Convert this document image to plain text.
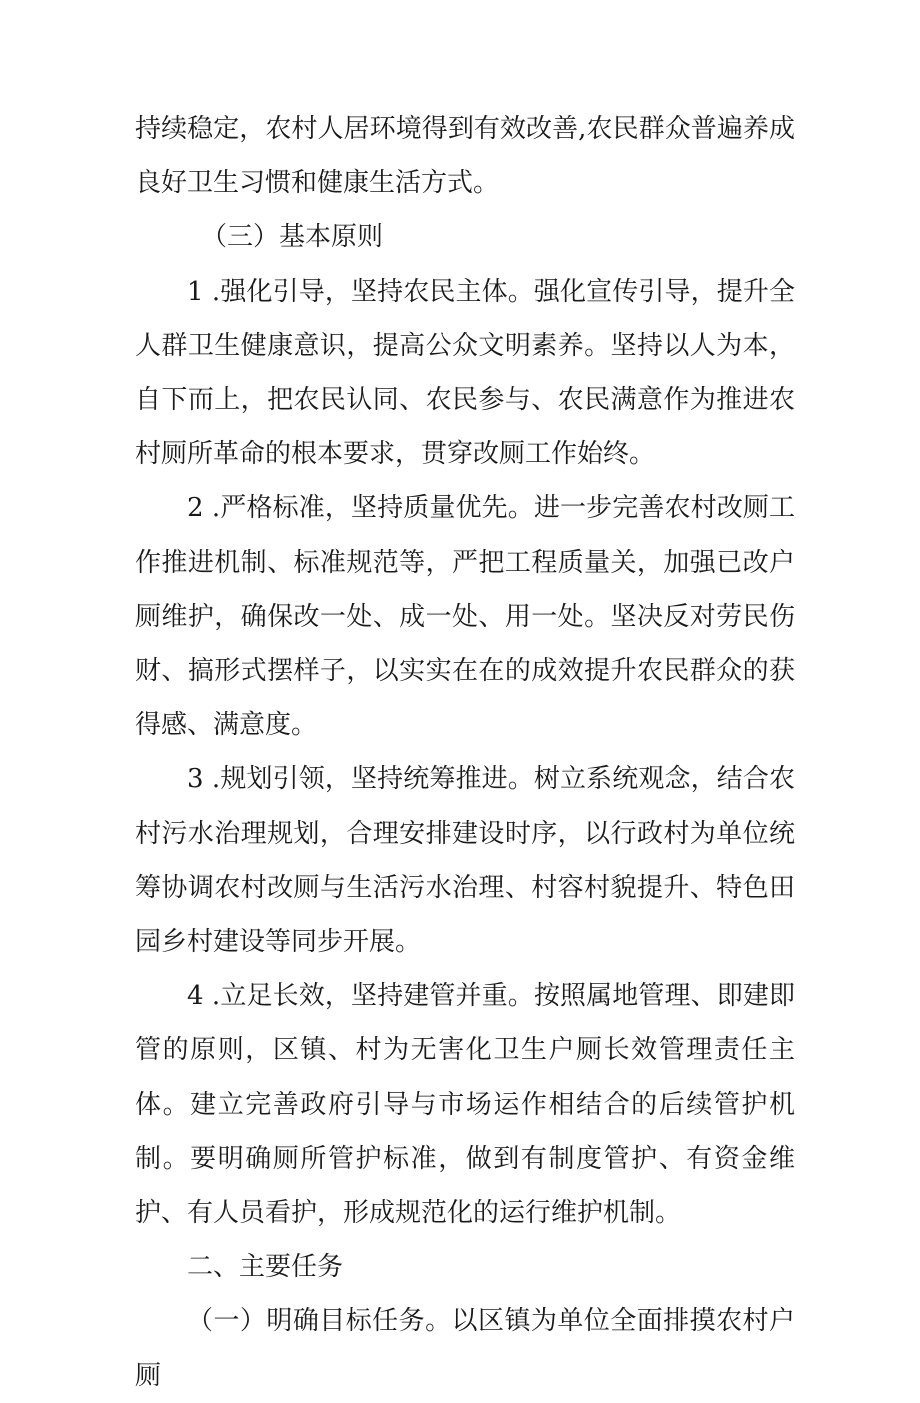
持续稳定，农村人居环境得到有效改善,农民群众普遍养成良好卫生习惯和健康生活方式。

（三）基本原则

1 .强化引导，坚持农民主体。强化宣传引导，提升全人群卫生健康意识，提高公众文明素养。坚持以人为本，自下而上，把农民认同、农民参与、农民满意作为推进农村厕所革命的根本要求，贯穿改厕工作始终。

2 .严格标准，坚持质量优先。进一步完善农村改厕工作推进机制、标准规范等，严把工程质量关，加强已改户厕维护，确保改一处、成一处、用一处。坚决反对劳民伤财、搞形式摆样子，以实实在在的成效提升农民群众的获得感、满意度。

3 .规划引领，坚持统筹推进。树立系统观念，结合农村污水治理规划，合理安排建设时序，以行政村为单位统筹协调农村改厕与生活污水治理、村容村貌提升、特色田园乡村建设等同步开展。

4 .立足长效，坚持建管并重。按照属地管理、即建即管的原则，区镇、村为无害化卫生户厕长效管理责任主体。建立完善政府引导与市场运作相结合的后续管护机制。要明确厕所管护标准，做到有制度管护、有资金维护、有人员看护，形成规范化的运行维护机制。

二、主要任务

（一）明确目标任务。以区镇为单位全面排摸农村户厕
